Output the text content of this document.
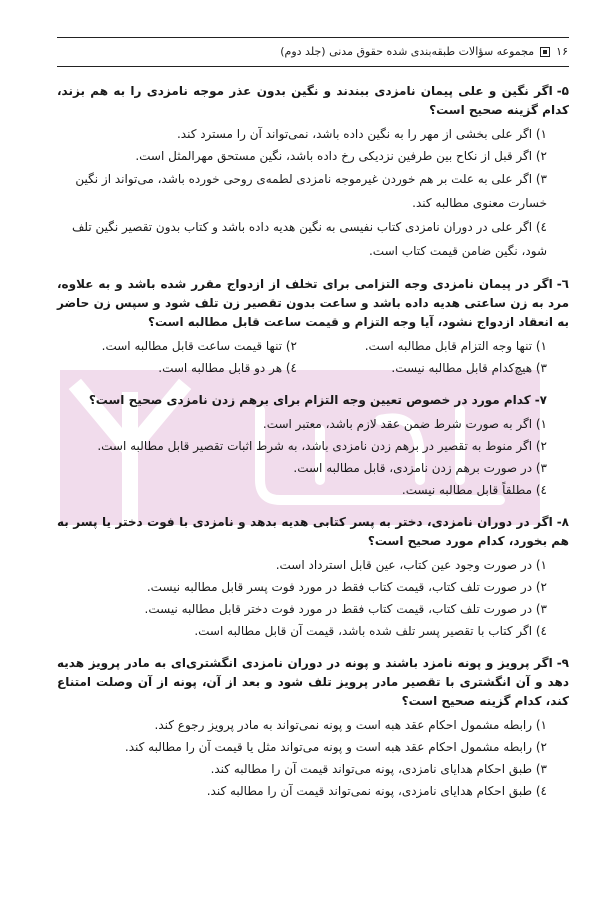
۱۶
مجموعه سؤالات طبقه‌بندی شده حقوق مدنی (جلد دوم)
۵-اگر نگین و علی پیمان نامزدی ببندند و نگین بدون عذر موجه نامزدی را به هم بزند، کدام گزینه صحیح است؟
۱) اگر علی بخشی از مهر را به نگین داده باشد، نمی‌تواند آن را مسترد کند.
۲) اگر قبل از نکاح بین طرفین نزدیکی رخ داده باشد، نگین مستحق مهرالمثل است.
۳) اگر علی به علت بر هم خوردن غیرموجه نامزدی لطمه‌ی روحی خورده باشد، می‌تواند از نگین خسارت معنوی مطالبه کند.
٤) اگر علی در دوران نامزدی کتاب نفیسی به نگین هدیه داده باشد و کتاب بدون تقصیر نگین تلف شود، نگین ضامن قیمت کتاب است.
٦-اگر در پیمان نامزدی وجه التزامی برای تخلف از ازدواج مقرر شده باشد و به علاوه، مرد به زن ساعتی هدیه داده باشد و ساعت بدون تقصیر زن تلف شود و سپس زن حاضر به انعقاد ازدواج نشود، آیا وجه التزام و قیمت ساعت قابل مطالبه است؟
۱) تنها وجه التزام قابل مطالبه است.
۲) تنها قیمت ساعت قابل مطالبه است.
۳) هیچ‌کدام قابل مطالبه نیست.
٤) هر دو قابل مطالبه است.
۷-کدام مورد در خصوص تعیین وجه التزام برای برهم زدن نامزدی صحیح است؟
۱) اگر به صورت شرط ضمن عقد لازم باشد، معتبر است.
۲) اگر منوط به تقصیر در برهم زدن نامزدی باشد، به شرط اثبات تقصیر قابل مطالبه است.
۳) در صورت برهم زدن نامزدی، قابل مطالبه است.
٤) مطلقاً قابل مطالبه نیست.
۸-اگر در دوران نامزدی، دختر به پسر کتابی هدیه بدهد و نامزدی با فوت دختر یا پسر به هم بخورد، کدام مورد صحیح است؟
۱) در صورت وجود عین کتاب، عین قابل استرداد است.
۲) در صورت تلف کتاب، قیمت کتاب فقط در مورد فوت پسر قابل مطالبه نیست.
۳) در صورت تلف کتاب، قیمت کتاب فقط در مورد فوت دختر قابل مطالبه نیست.
٤) اگر کتاب با تقصیر پسر تلف شده باشد، قیمت آن قابل مطالبه است.
۹-اگر پرویز و پونه نامزد باشند و پونه در دوران نامزدی انگشتری‌ای به مادر پرویز هدیه دهد و آن انگشتری با تقصیر مادر پرویز تلف شود و بعد از آن، پونه از آن وصلت امتناع کند، کدام گزینه صحیح است؟
۱) رابطه مشمول احکام عقد هبه است و پونه نمی‌تواند به مادر پرویز رجوع کند.
۲) رابطه مشمول احکام عقد هبه است و پونه می‌تواند مثل یا قیمت آن را مطالبه کند.
۳) طبق احکام هدایای نامزدی، پونه می‌تواند قیمت آن را مطالبه کند.
٤) طبق احکام هدایای نامزدی، پونه نمی‌تواند قیمت آن را مطالبه کند.
